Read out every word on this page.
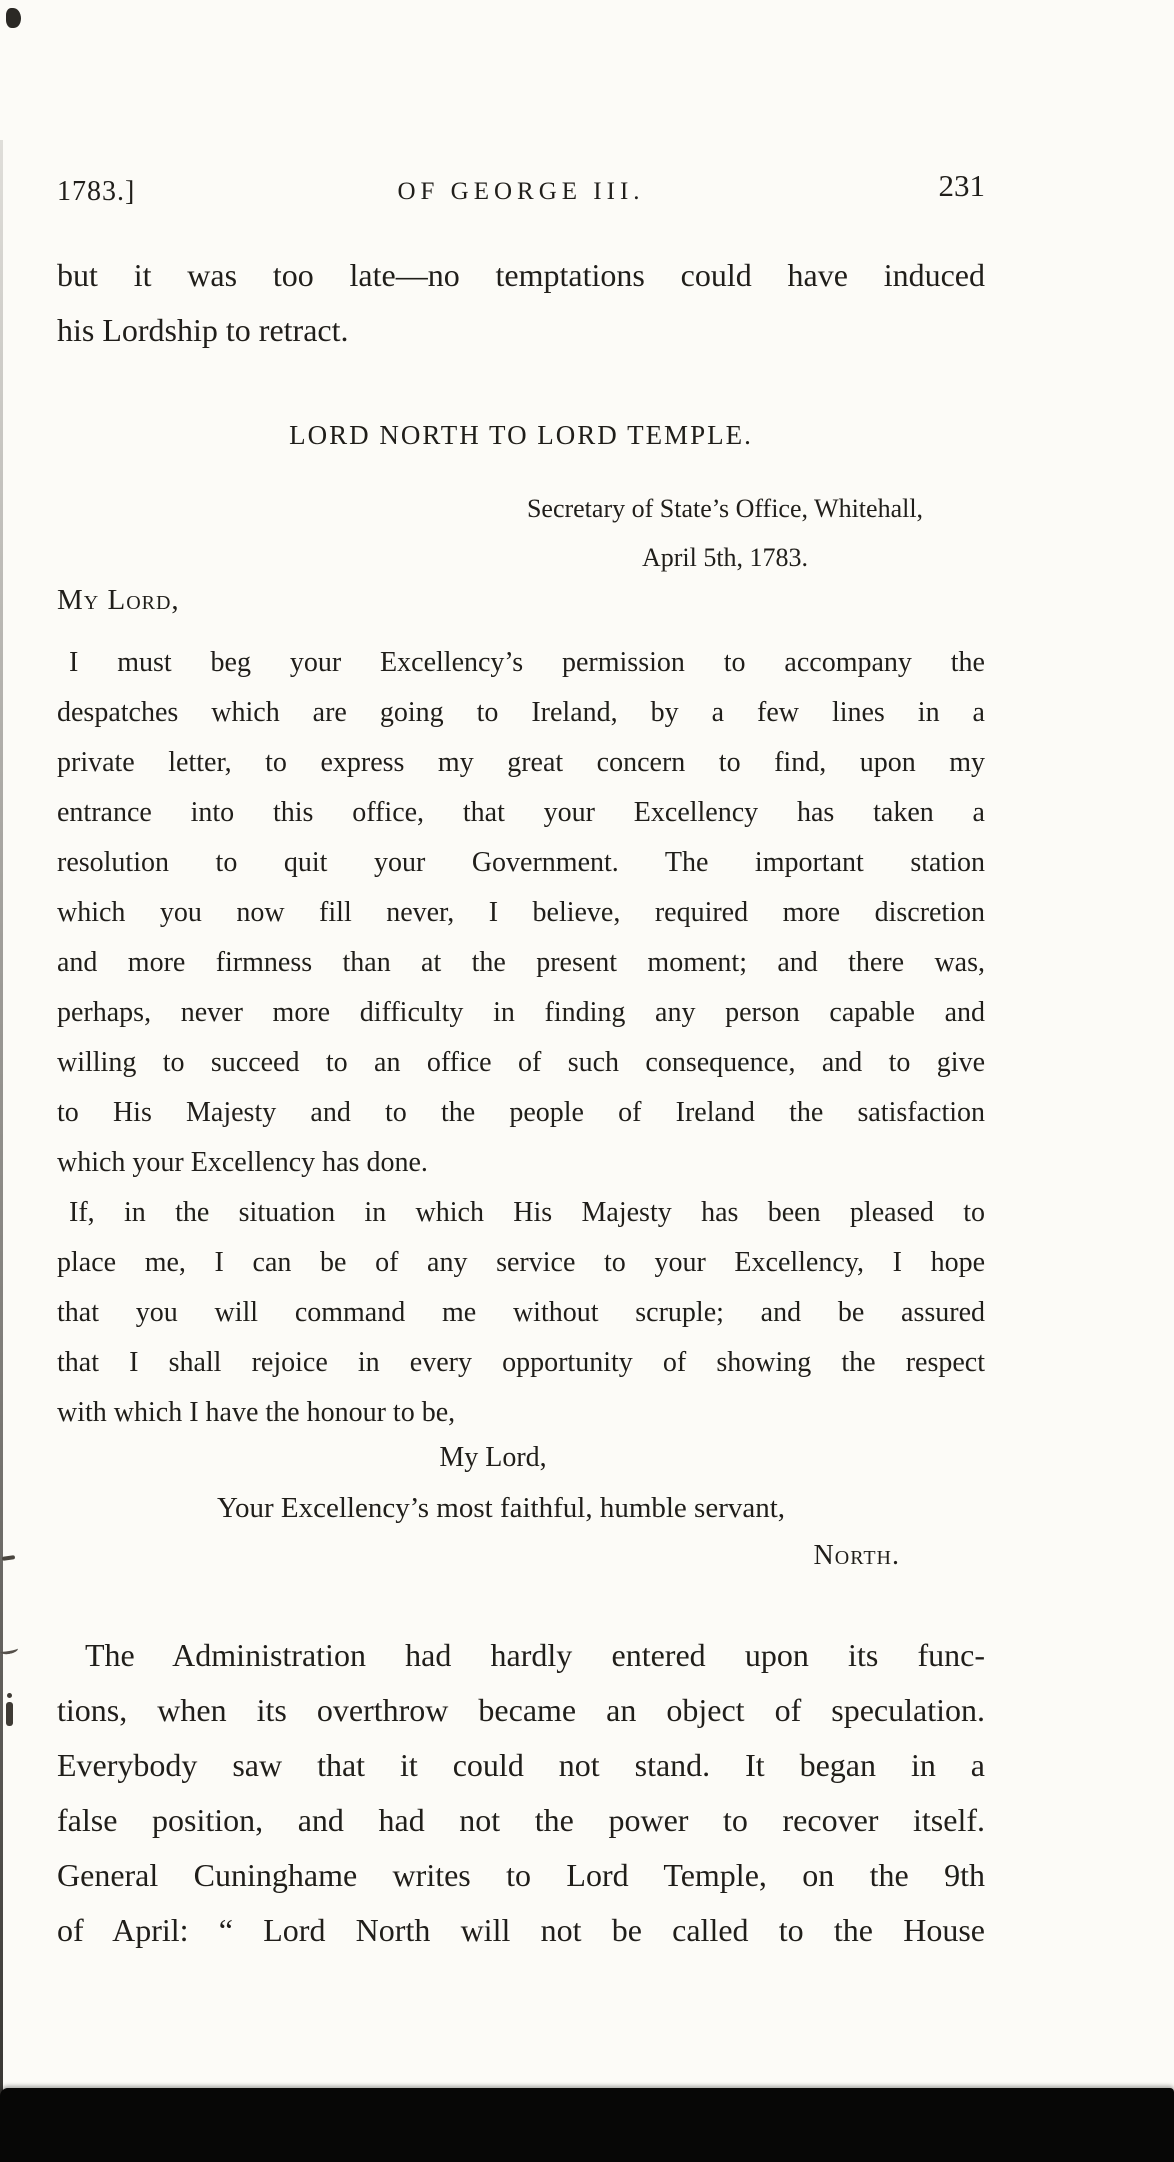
1783.]	OF GEORGE III.	231
but it was too late—no temptations could have induced
his Lordship to retract.
LORD NORTH TO LORD TEMPLE.
Secretary of State’s Office, Whitehall,
April 5th, 1783.
My Lord,
I must beg your Excellency’s permission to accompany the
despatches which are going to Ireland, by a few lines in a
private letter, to express my great concern to find, upon my
entrance into this office, that your Excellency has taken a
resolution to quit your Government. The important station
which you now fill never, I believe, required more discretion
and more firmness than at the present moment; and there was,
perhaps, never more difficulty in finding any person capable and
willing to succeed to an office of such consequence, and to give
to His Majesty and to the people of Ireland the satisfaction
which your Excellency has done.
If, in the situation in which His Majesty has been pleased to
place me, I can be of any service to your Excellency, I hope
that you will command me without scruple; and be assured
that I shall rejoice in every opportunity of showing the respect
with which I have the honour to be,
My Lord,
Your Excellency’s most faithful, humble servant,
North.
The Administration had hardly entered upon its func-
tions, when its overthrow became an object of speculation.
Everybody saw that it could not stand. It began in a
false position, and had not the power to recover itself.
General Cuninghame writes to Lord Temple, on the 9th
of April: “ Lord North will not be called to the House
